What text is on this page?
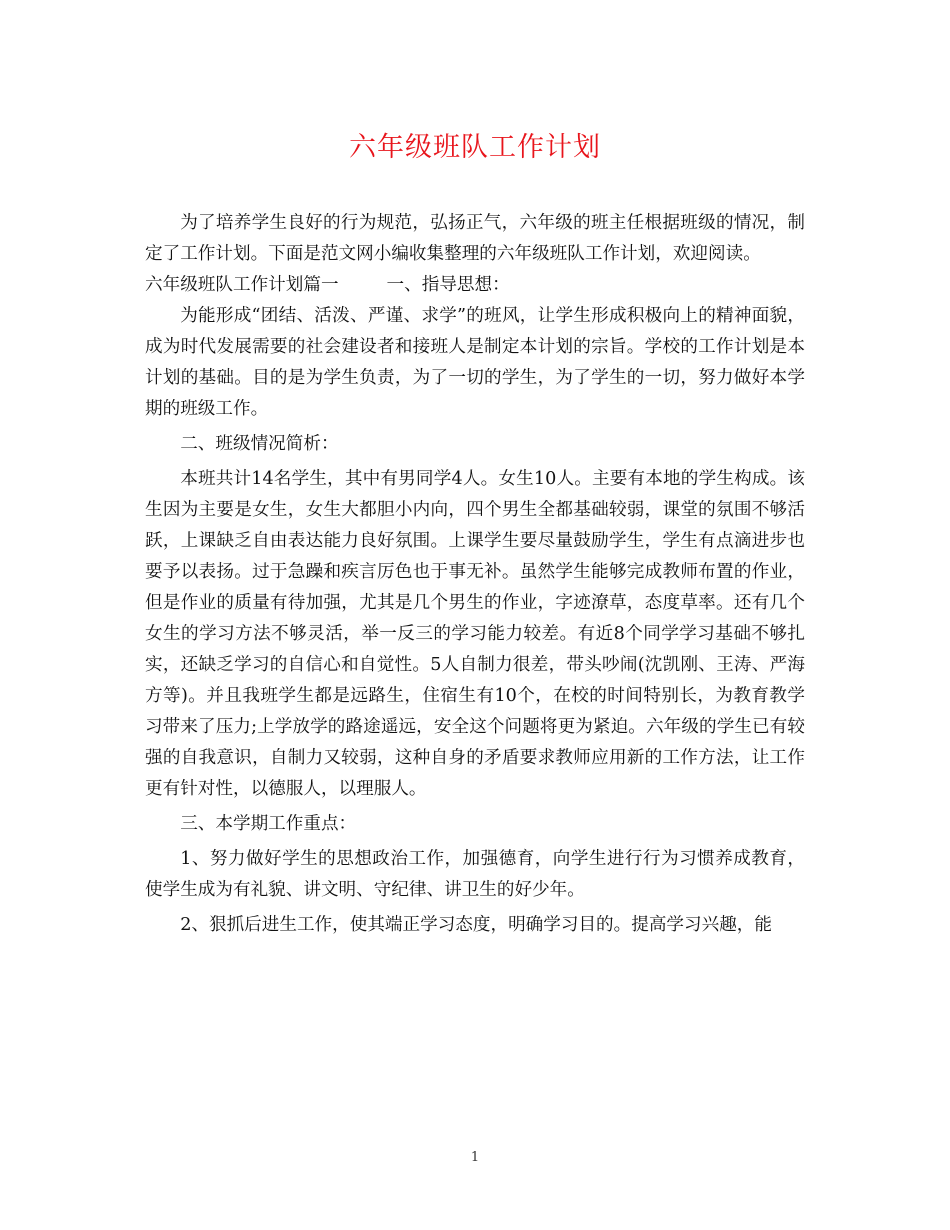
六年级班队工作计划

为了培养学生良好的行为规范，弘扬正气，六年级的班主任根据班级的情况，制定了工作计划。下面是范文网小编收集整理的六年级班队工作计划，欢迎阅读。

六年级班队工作计划篇一	一、指导思想：

为能形成“团结、活泼、严谨、求学”的班风，让学生形成积极向上的精神面貌，成为时代发展需要的社会建设者和接班人是制定本计划的宗旨。学校的工作计划是本计划的基础。目的是为学生负责，为了一切的学生，为了学生的一切，努力做好本学期的班级工作。

二、班级情况简析：

本班共计14名学生，其中有男同学4人。女生10人。主要有本地的学生构成。该生因为主要是女生，女生大都胆小内向，四个男生全都基础较弱，课堂的氛围不够活跃，上课缺乏自由表达能力良好氛围。上课学生要尽量鼓励学生，学生有点滴进步也要予以表扬。过于急躁和疾言厉色也于事无补。虽然学生能够完成教师布置的作业，但是作业的质量有待加强，尤其是几个男生的作业，字迹潦草，态度草率。还有几个女生的学习方法不够灵活，举一反三的学习能力较差。有近8个同学学习基础不够扎实，还缺乏学习的自信心和自觉性。5人自制力很差，带头吵闹(沈凯刚、王涛、严海方等)。并且我班学生都是远路生，住宿生有10个，在校的时间特别长，为教育教学习带来了压力;上学放学的路途遥远，安全这个问题将更为紧迫。六年级的学生已有较强的自我意识，自制力又较弱，这种自身的矛盾要求教师应用新的工作方法，让工作更有针对性，以德服人，以理服人。

三、本学期工作重点：

1、努力做好学生的思想政治工作，加强德育，向学生进行行为习惯养成教育，使学生成为有礼貌、讲文明、守纪律、讲卫生的好少年。

2、狠抓后进生工作，使其端正学习态度，明确学习目的。提高学习兴趣，能

1
